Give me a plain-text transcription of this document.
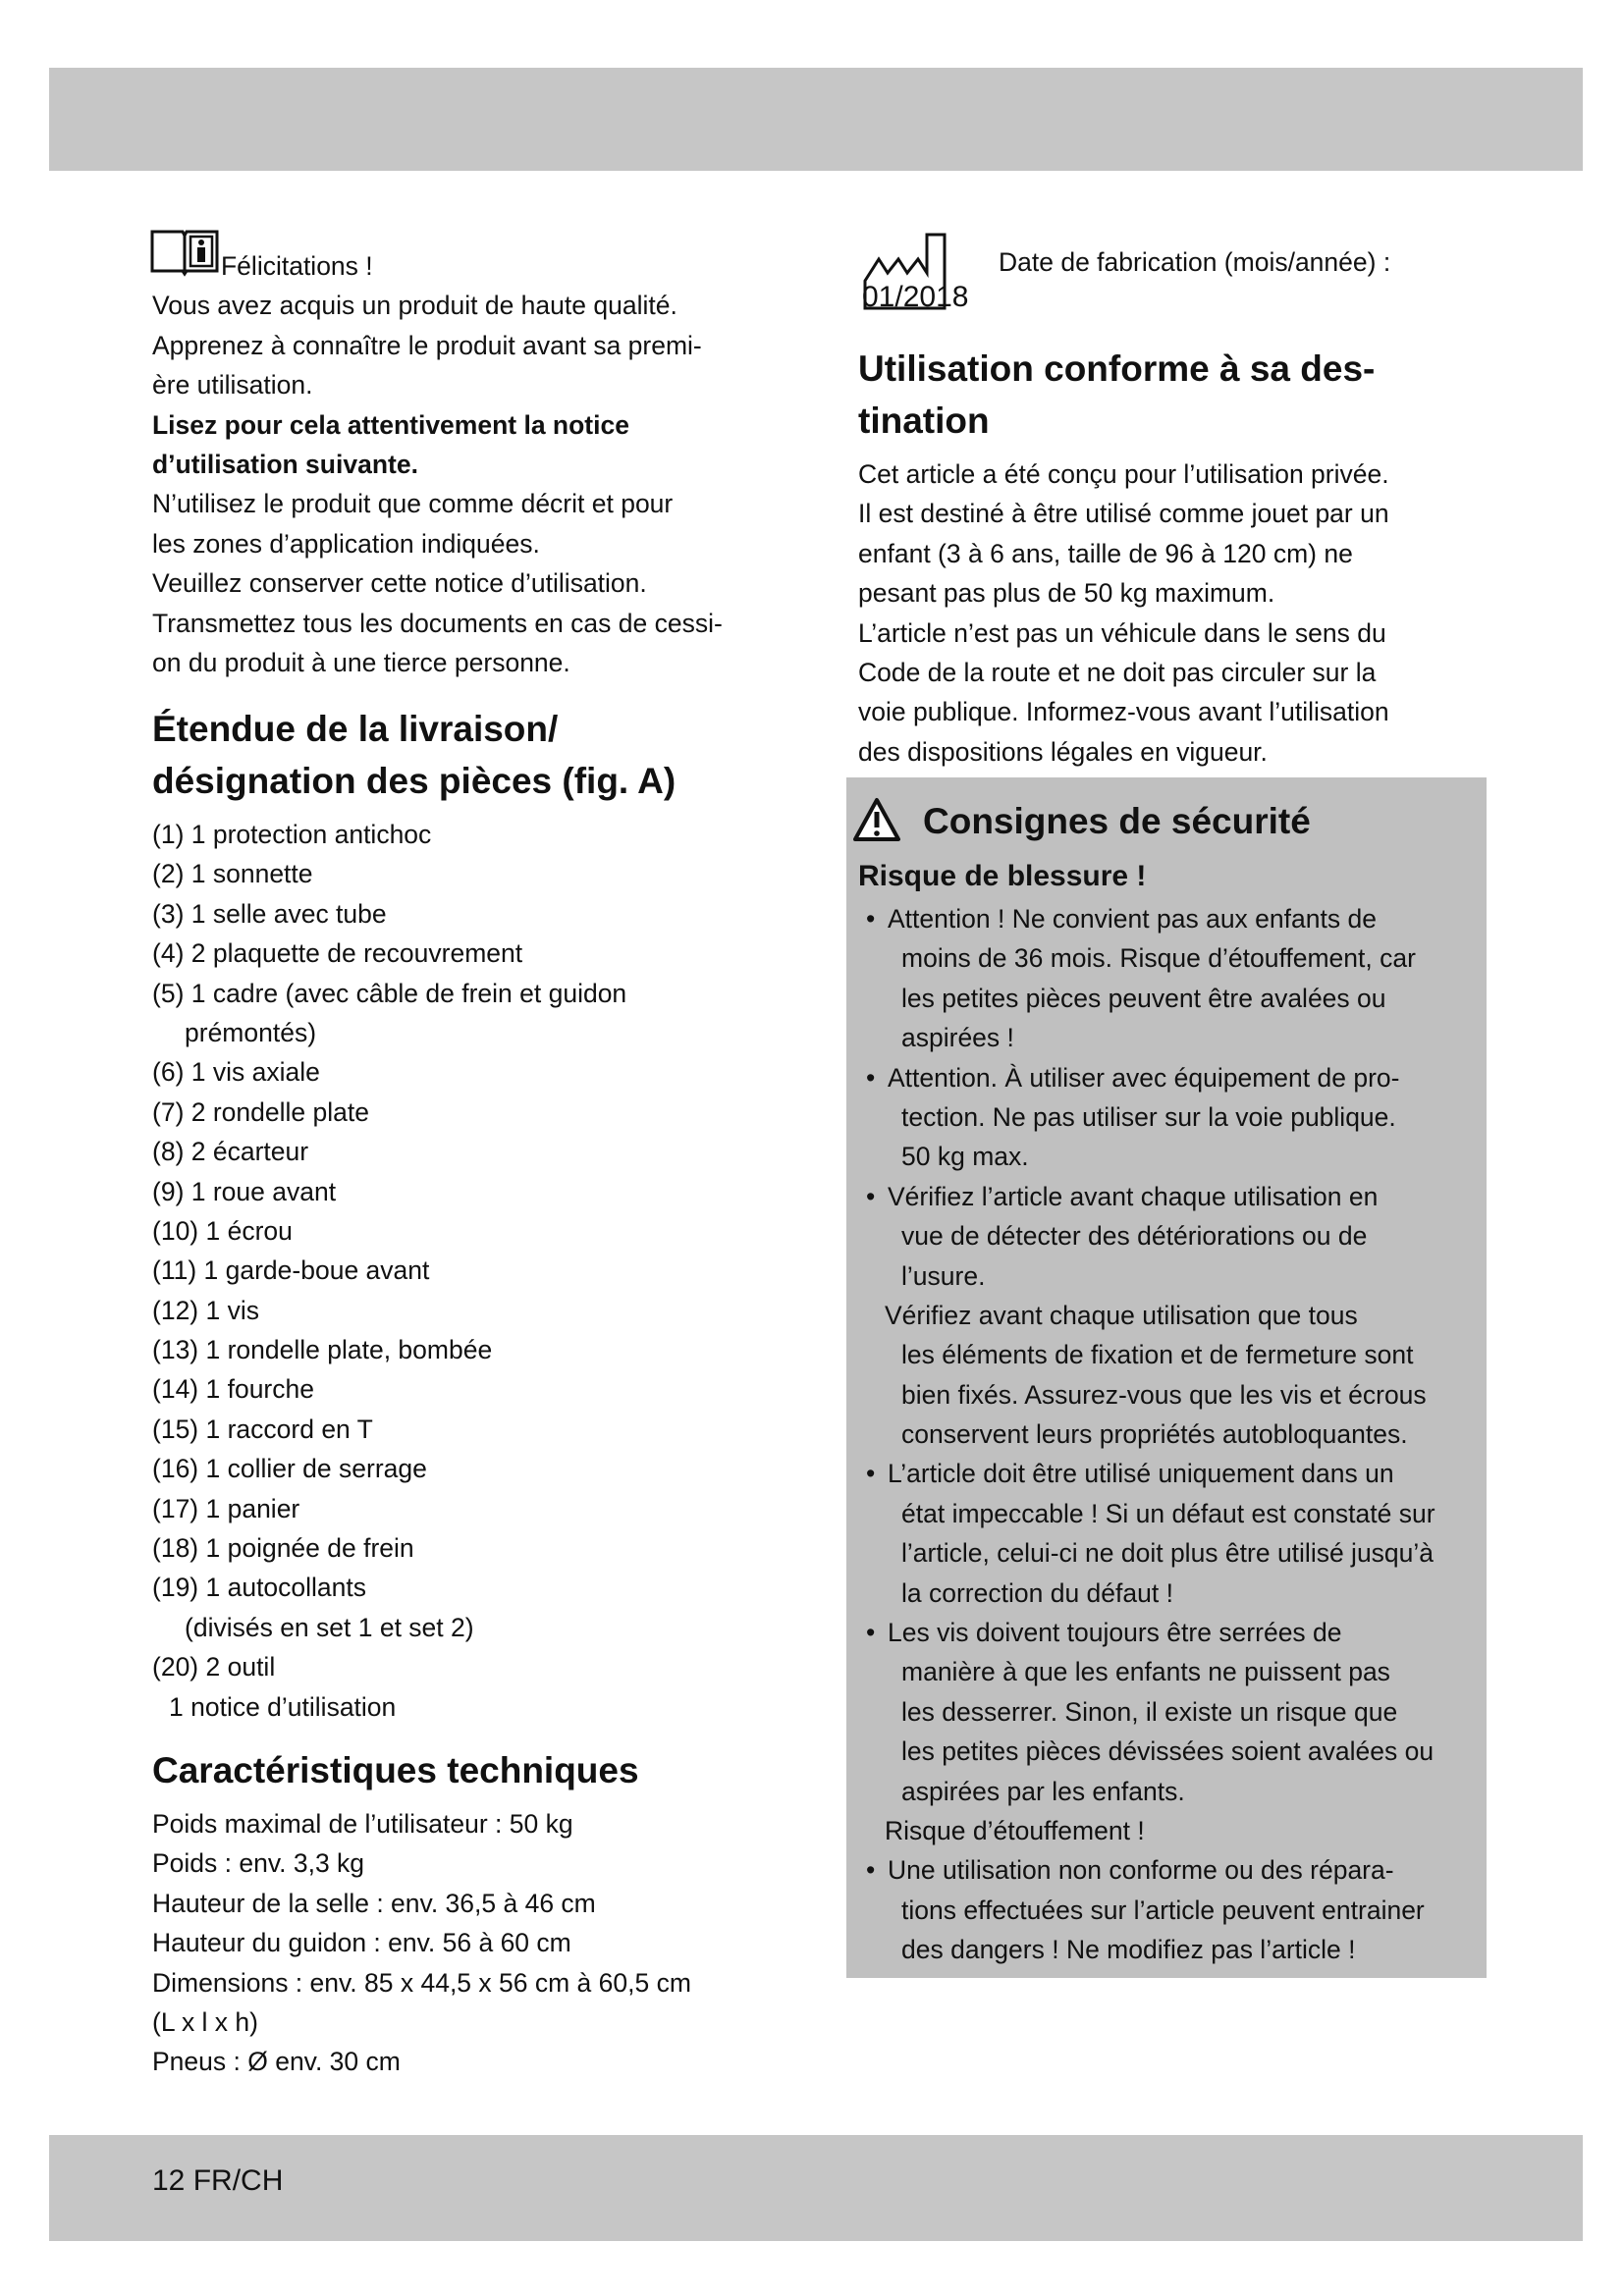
Félicitations !
Vous avez acquis un produit de haute qualité.
Apprenez à connaître le produit avant sa premi-
ère utilisation.
Lisez pour cela attentivement la notice
d’utilisation suivante.
N’utilisez le produit que comme décrit et pour
les zones d’application indiquées.
Veuillez conserver cette notice d’utilisation.
Transmettez tous les documents en cas de cessi-
on du produit à une tierce personne.
Étendue de la livraison/
désignation des pièces (fig. A)
(1) 1 protection antichoc
(2) 1 sonnette
(3) 1 selle avec tube
(4) 2 plaquette de recouvrement
(5) 1 cadre (avec câble de frein et guidon
prémontés)
(6) 1 vis axiale
(7) 2 rondelle plate
(8) 2 écarteur
(9) 1 roue avant
(10) 1 écrou
(11) 1 garde-boue avant
(12) 1 vis
(13) 1 rondelle plate, bombée
(14) 1 fourche
(15) 1 raccord en T
(16) 1 collier de serrage
(17) 1 panier
(18) 1 poignée de frein
(19) 1 autocollants
(divisés en set 1 et set 2)
(20) 2 outil
1 notice d’utilisation
Caractéristiques techniques
Poids maximal de l’utilisateur : 50 kg
Poids : env. 3,3 kg
Hauteur de la selle : env. 36,5 à 46 cm
Hauteur du guidon : env. 56 à 60 cm
Dimensions : env. 85 x 44,5 x 56 cm à 60,5 cm
(L x l x h)
Pneus : Ø env. 30 cm
Date de fabrication (mois/année) :
01/2018
Utilisation conforme à sa des-
tination
Cet article a été conçu pour l’utilisation privée.
Il est destiné à être utilisé comme jouet par un
enfant (3 à 6 ans, taille de 96 à 120 cm) ne
pesant pas plus de 50 kg maximum.
L’article n’est pas un véhicule dans le sens du
Code de la route et ne doit pas circuler sur la
voie publique. Informez-vous avant l’utilisation
des dispositions légales en vigueur.
Consignes de sécurité
Risque de blessure !
• Attention ! Ne convient pas aux enfants de
moins de 36 mois. Risque d’étouffement, car
les petites pièces peuvent être avalées ou
aspirées !
• Attention. À utiliser avec équipement de pro-
tection. Ne pas utiliser sur la voie publique.
50 kg max.
• Vérifiez l’article avant chaque utilisation en
vue de détecter des détériorations ou de
l’usure.
Vérifiez avant chaque utilisation que tous
les éléments de fixation et de fermeture sont
bien fixés. Assurez-vous que les vis et écrous
conservent leurs propriétés autobloquantes.
• L’article doit être utilisé uniquement dans un
état impeccable ! Si un défaut est constaté sur
l’article, celui-ci ne doit plus être utilisé jusqu’à
la correction du défaut !
• Les vis doivent toujours être serrées de
manière à que les enfants ne puissent pas
les desserrer. Sinon, il existe un risque que
les petites pièces dévissées soient avalées ou
aspirées par les enfants.
Risque d’étouffement !
• Une utilisation non conforme ou des répara-
tions effectuées sur l’article peuvent entrainer
des dangers ! Ne modifiez pas l’article !
12 FR/CH
